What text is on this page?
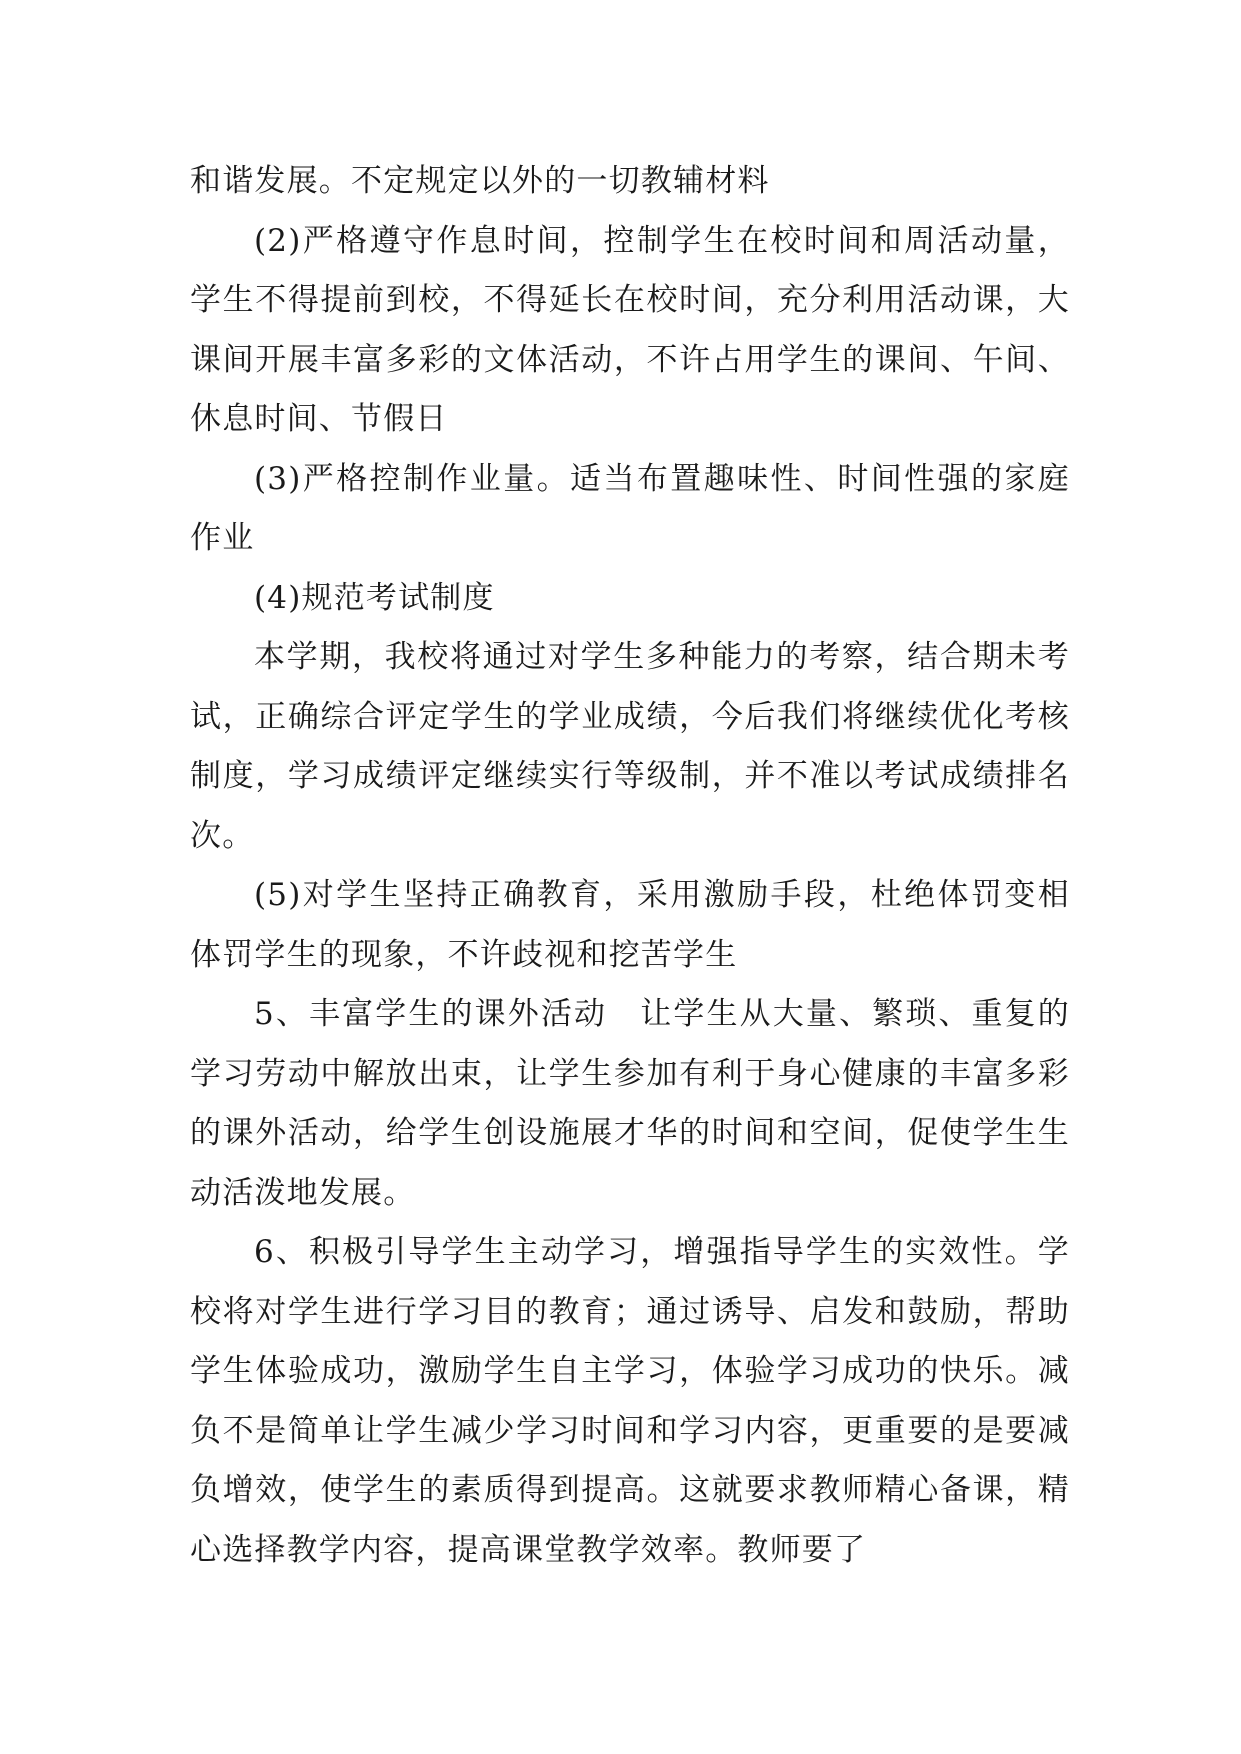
和谐发展。不定规定以外的一切教辅材料

(2)严格遵守作息时间，控制学生在校时间和周活动量，学生不得提前到校，不得延长在校时间，充分利用活动课，大课间开展丰富多彩的文体活动，不许占用学生的课间、午间、休息时间、节假日

(3)严格控制作业量。适当布置趣味性、时间性强的家庭作业

(4)规范考试制度

本学期，我校将通过对学生多种能力的考察，结合期未考试，正确综合评定学生的学业成绩，今后我们将继续优化考核制度，学习成绩评定继续实行等级制，并不准以考试成绩排名次。

(5)对学生坚持正确教育，采用激励手段，杜绝体罚变相体罚学生的现象，不许歧视和挖苦学生

5、丰富学生的课外活动　让学生从大量、繁琐、重复的学习劳动中解放出束，让学生参加有利于身心健康的丰富多彩的课外活动，给学生创设施展才华的时间和空间，促使学生生动活泼地发展。

6、积极引导学生主动学习，增强指导学生的实效性。学校将对学生进行学习目的教育；通过诱导、启发和鼓励，帮助学生体验成功，激励学生自主学习，体验学习成功的快乐。减负不是简单让学生减少学习时间和学习内容，更重要的是要减负增效，使学生的素质得到提高。这就要求教师精心备课，精心选择教学内容，提高课堂教学效率。教师要了
